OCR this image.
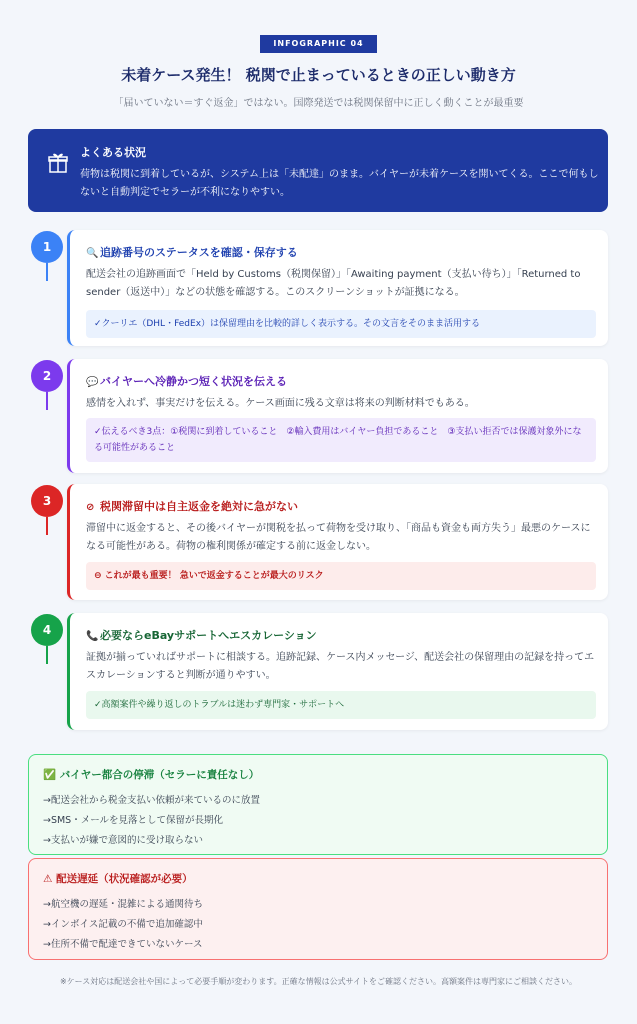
INFOGRAPHIC 04
未着ケース発生！ 税関で止まっているときの正しい動き方
「届いていない＝すぐ返金」ではない。国際発送では税関保留中に正しく動くことが最重要
よくある状況
荷物は税関に到着しているが、システム上は「未配達」のまま。バイヤーが未着ケースを開いてくる。ここで何もしないと自動判定でセラーが不利になりやすい。
1	🔍 追跡番号のステータスを確認・保存する
配送会社の追跡画面で「Held by Customs（税関保留）」「Awaiting payment（支払い待ち）」「Returned to sender（返送中）」などの状態を確認する。このスクリーンショットが証拠になる。
✓クーリエ（DHL・FedEx）は保留理由を比較的詳しく表示する。その文言をそのまま活用する
2	💬 バイヤーへ冷静かつ短く状況を伝える
感情を入れず、事実だけを伝える。ケース画面に残る文章は将来の判断材料でもある。
✓伝えるべき3点：①税関に到着していること　②輸入費用はバイヤー負担であること　③支払い拒否では保護対象外になる可能性があること
3	⊘ 税関滞留中は自主返金を絶対に急がない
滞留中に返金すると、その後バイヤーが関税を払って荷物を受け取り、「商品も資金も両方失う」最悪のケースになる可能性がある。荷物の権利関係が確定する前に返金しない。
⊖ これが最も重要！ 急いで返金することが最大のリスク
4	📞 必要ならeBayサポートへエスカレーション
証拠が揃っていればサポートに相談する。追跡記録、ケース内メッセージ、配送会社の保留理由の記録を持ってエスカレーションすると判断が通りやすい。
✓高額案件や繰り返しのトラブルは迷わず専門家・サポートへ
✅ バイヤー都合の停滞（セラーに責任なし）
→配送会社から税金支払い依頼が来ているのに放置
→SMS・メールを見落として保留が長期化
→支払いが嫌で意図的に受け取らない
⚠ 配送遅延（状況確認が必要）
→航空機の遅延・混雑による通関待ち
→インボイス記載の不備で追加確認中
→住所不備で配達できていないケース
※ケース対応は配送会社や国によって必要手順が変わります。正確な情報は公式サイトをご確認ください。高額案件は専門家にご相談ください。
